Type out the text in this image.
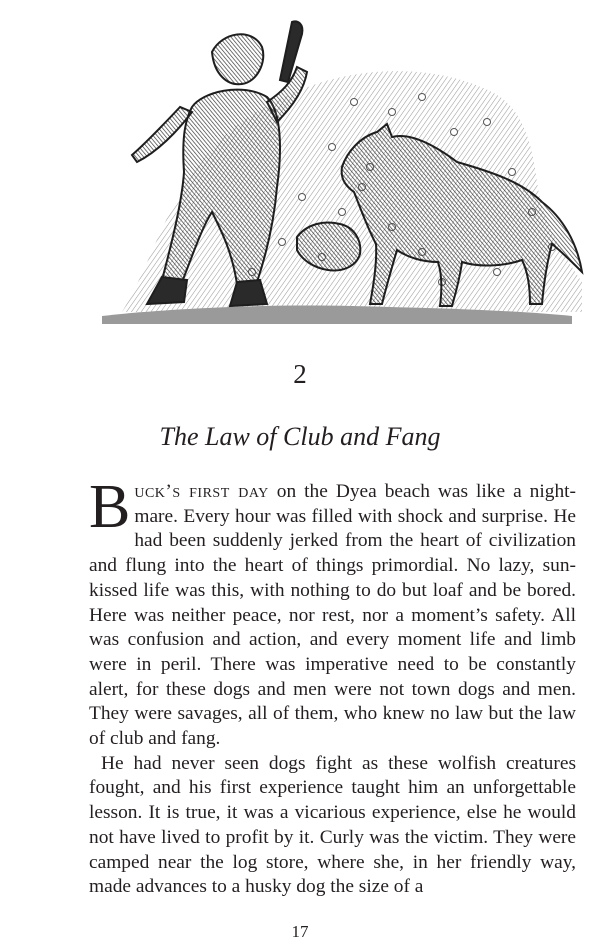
2
The Law of Club and Fang

Buck’s first day on the Dyea beach was like a nightmare. Every hour was filled with shock and surprise. He had been suddenly jerked from the heart of civilization and flung into the heart of things primordial. No lazy, sun-kissed life was this, with nothing to do but loaf and be bored. Here was neither peace, nor rest, nor a moment’s safety. All was confusion and action, and every moment life and limb were in peril. There was imperative need to be constantly alert, for these dogs and men were not town dogs and men. They were savages, all of them, who knew no law but the law of club and fang.

He had never seen dogs fight as these wolfish creatures fought, and his first experience taught him an unforgettable lesson. It is true, it was a vicarious experience, else he would not have lived to profit by it. Curly was the victim. They were camped near the log store, where she, in her friendly way, made advances to a husky dog the size of a

17
